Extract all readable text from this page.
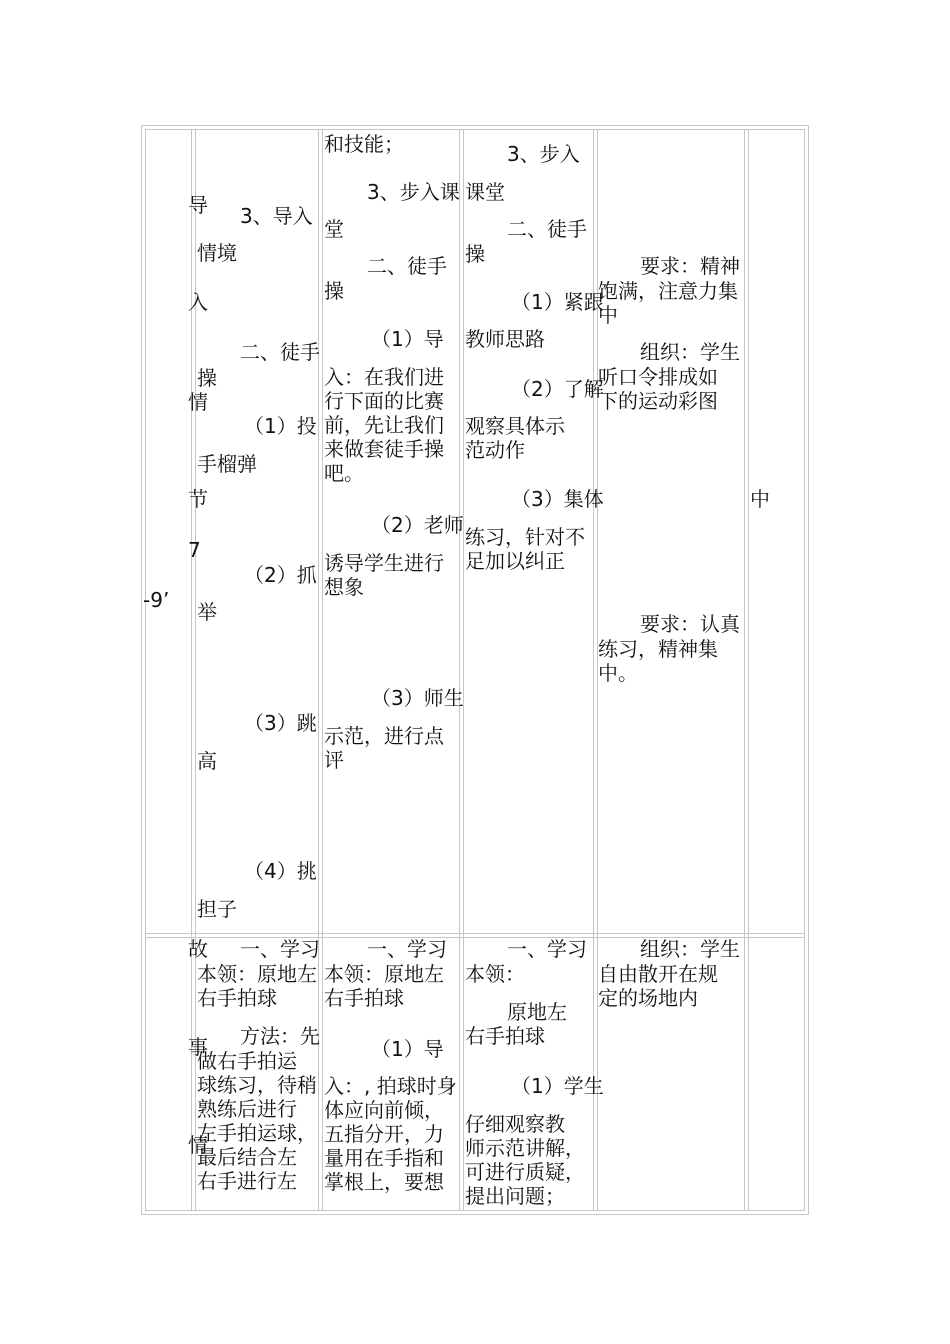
-9’

导

入

情

节

7

3、导入

情境

二、徒手

操

（1）投

手榴弹

（2）抓

举

（3）跳

高

（4）挑

担子

和技能；

3、步入课

堂

二、徒手

操

（1）导

入：在我们进
行下面的比赛
前，先让我们
来做套徒手操
吧。

（2）老师

诱导学生进行
想象

（3）师生

示范，进行点
评

3、步入

课堂

二、徒手

操

（1）紧跟

教师思路

（2）了解

观察具体示
范动作

（3）集体

练习，针对不
足加以纠正

要求：精神

饱满，注意力集
中

组织：学生

听口令排成如
下的运动彩图

要求：认真

练习，精神集
中。

中

故

事

情

一、学习

本领：原地左
右手拍球

方法：先

做右手拍运
球练习，待稍
熟练后进行
左手拍运球，
最后结合左
右手进行左

一、学习

本领：原地左
右手拍球

（1）导

入：, 拍球时身
体应向前倾，
五指分开，力
量用在手指和
掌根上，要想

一、学习

本领：

原地左

右手拍球

（1）学生

仔细观察教
师示范讲解，
可进行质疑，
提出问题；

组织：学生

自由散开在规
定的场地内
